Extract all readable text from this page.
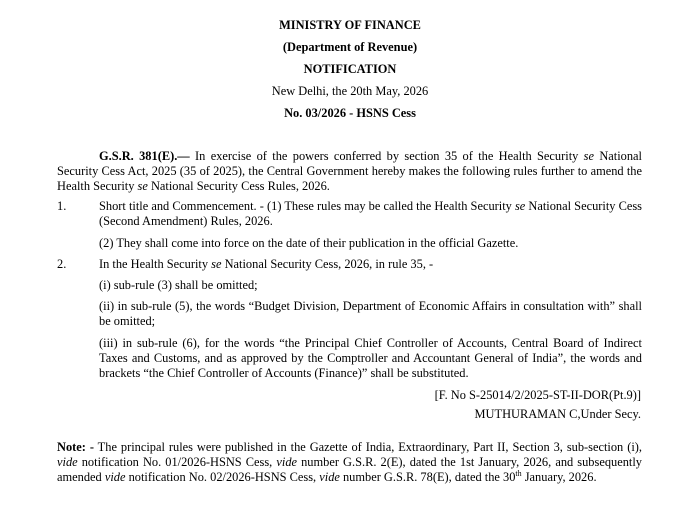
MINISTRY OF FINANCE
(Department of Revenue)
NOTIFICATION
New Delhi, the 20th May, 2026
No. 03/2026 - HSNS Cess
G.S.R. 381(E).— In exercise of the powers conferred by section 35 of the Health Security se National Security Cess Act, 2025 (35 of 2025), the Central Government hereby makes the following rules further to amend the Health Security se National Security Cess Rules, 2026.
1.	Short title and Commencement. - (1) These rules may be called the Health Security se National Security Cess (Second Amendment) Rules, 2026.
(2) They shall come into force on the date of their publication in the official Gazette.
2.	In the Health Security se National Security Cess, 2026, in rule 35, -
(i) sub-rule (3) shall be omitted;
(ii) in sub-rule (5), the words “Budget Division, Department of Economic Affairs in consultation with” shall be omitted;
(iii) in sub-rule (6), for the words “the Principal Chief Controller of Accounts, Central Board of Indirect Taxes and Customs, and as approved by the Comptroller and Accountant General of India”, the words and brackets “the Chief Controller of Accounts (Finance)” shall be substituted.
[F. No S-25014/2/2025-ST-II-DOR(Pt.9)]
MUTHURAMAN C,Under Secy.
Note: - The principal rules were published in the Gazette of India, Extraordinary, Part II, Section 3, sub-section (i), vide notification No. 01/2026-HSNS Cess, vide number G.S.R. 2(E), dated the 1st January, 2026, and subsequently amended vide notification No. 02/2026-HSNS Cess, vide number G.S.R. 78(E), dated the 30th January, 2026.
